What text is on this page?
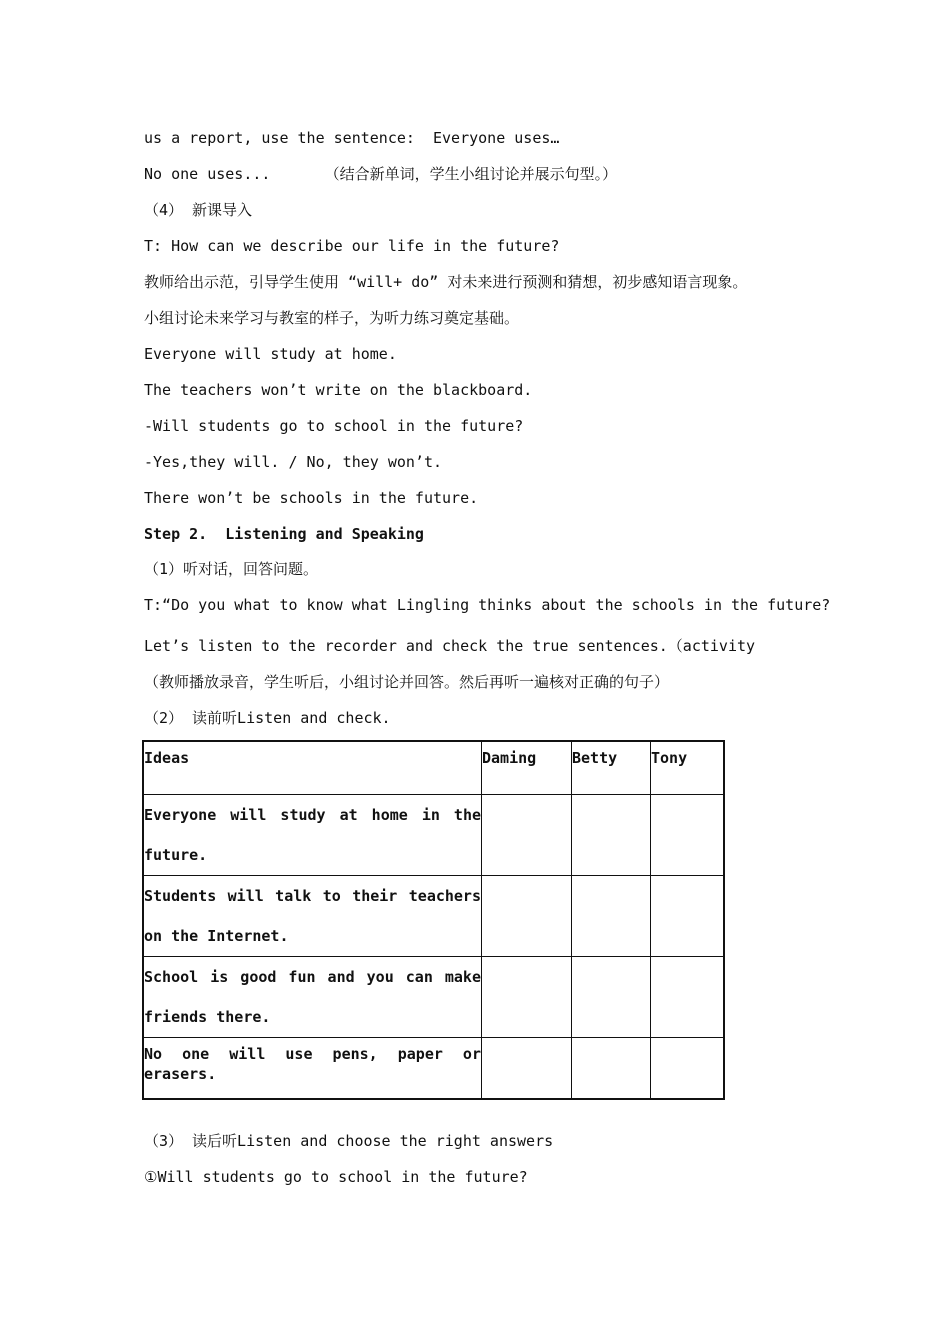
us a report, use the sentence:  Everyone uses…
No one uses...      （结合新单词，学生小组讨论并展示句型。）
（4） 新课导入
T: How can we describe our life in the future?
教师给出示范，引导学生使用 “will+ do” 对未来进行预测和猜想，初步感知语言现象。
小组讨论未来学习与教室的样子，为听力练习奠定基础。
Everyone will study at home.
The teachers won’t write on the blackboard.
-Will students go to school in the future?
-Yes,they will. / No, they won’t.
There won’t be schools in the future.
Step 2.  Listening and Speaking
（1）听对话，回答问题。
T:“Do you what to know what Lingling thinks about the schools in the future?
Let’s listen to the recorder and check the true sentences.（activity
（教师播放录音，学生听后，小组讨论并回答。然后再听一遍核对正确的句子）
（2） 读前听Listen and check.
Ideas	Daming	Betty	Tony

Everyone will study at home in the future.			

Students will talk to their teachers on the Internet.			

School is good fun and you can make friends there.			

No one will use pens, paper or erasers.			
（3） 读后听Listen and choose the right answers
①Will students go to school in the future?
